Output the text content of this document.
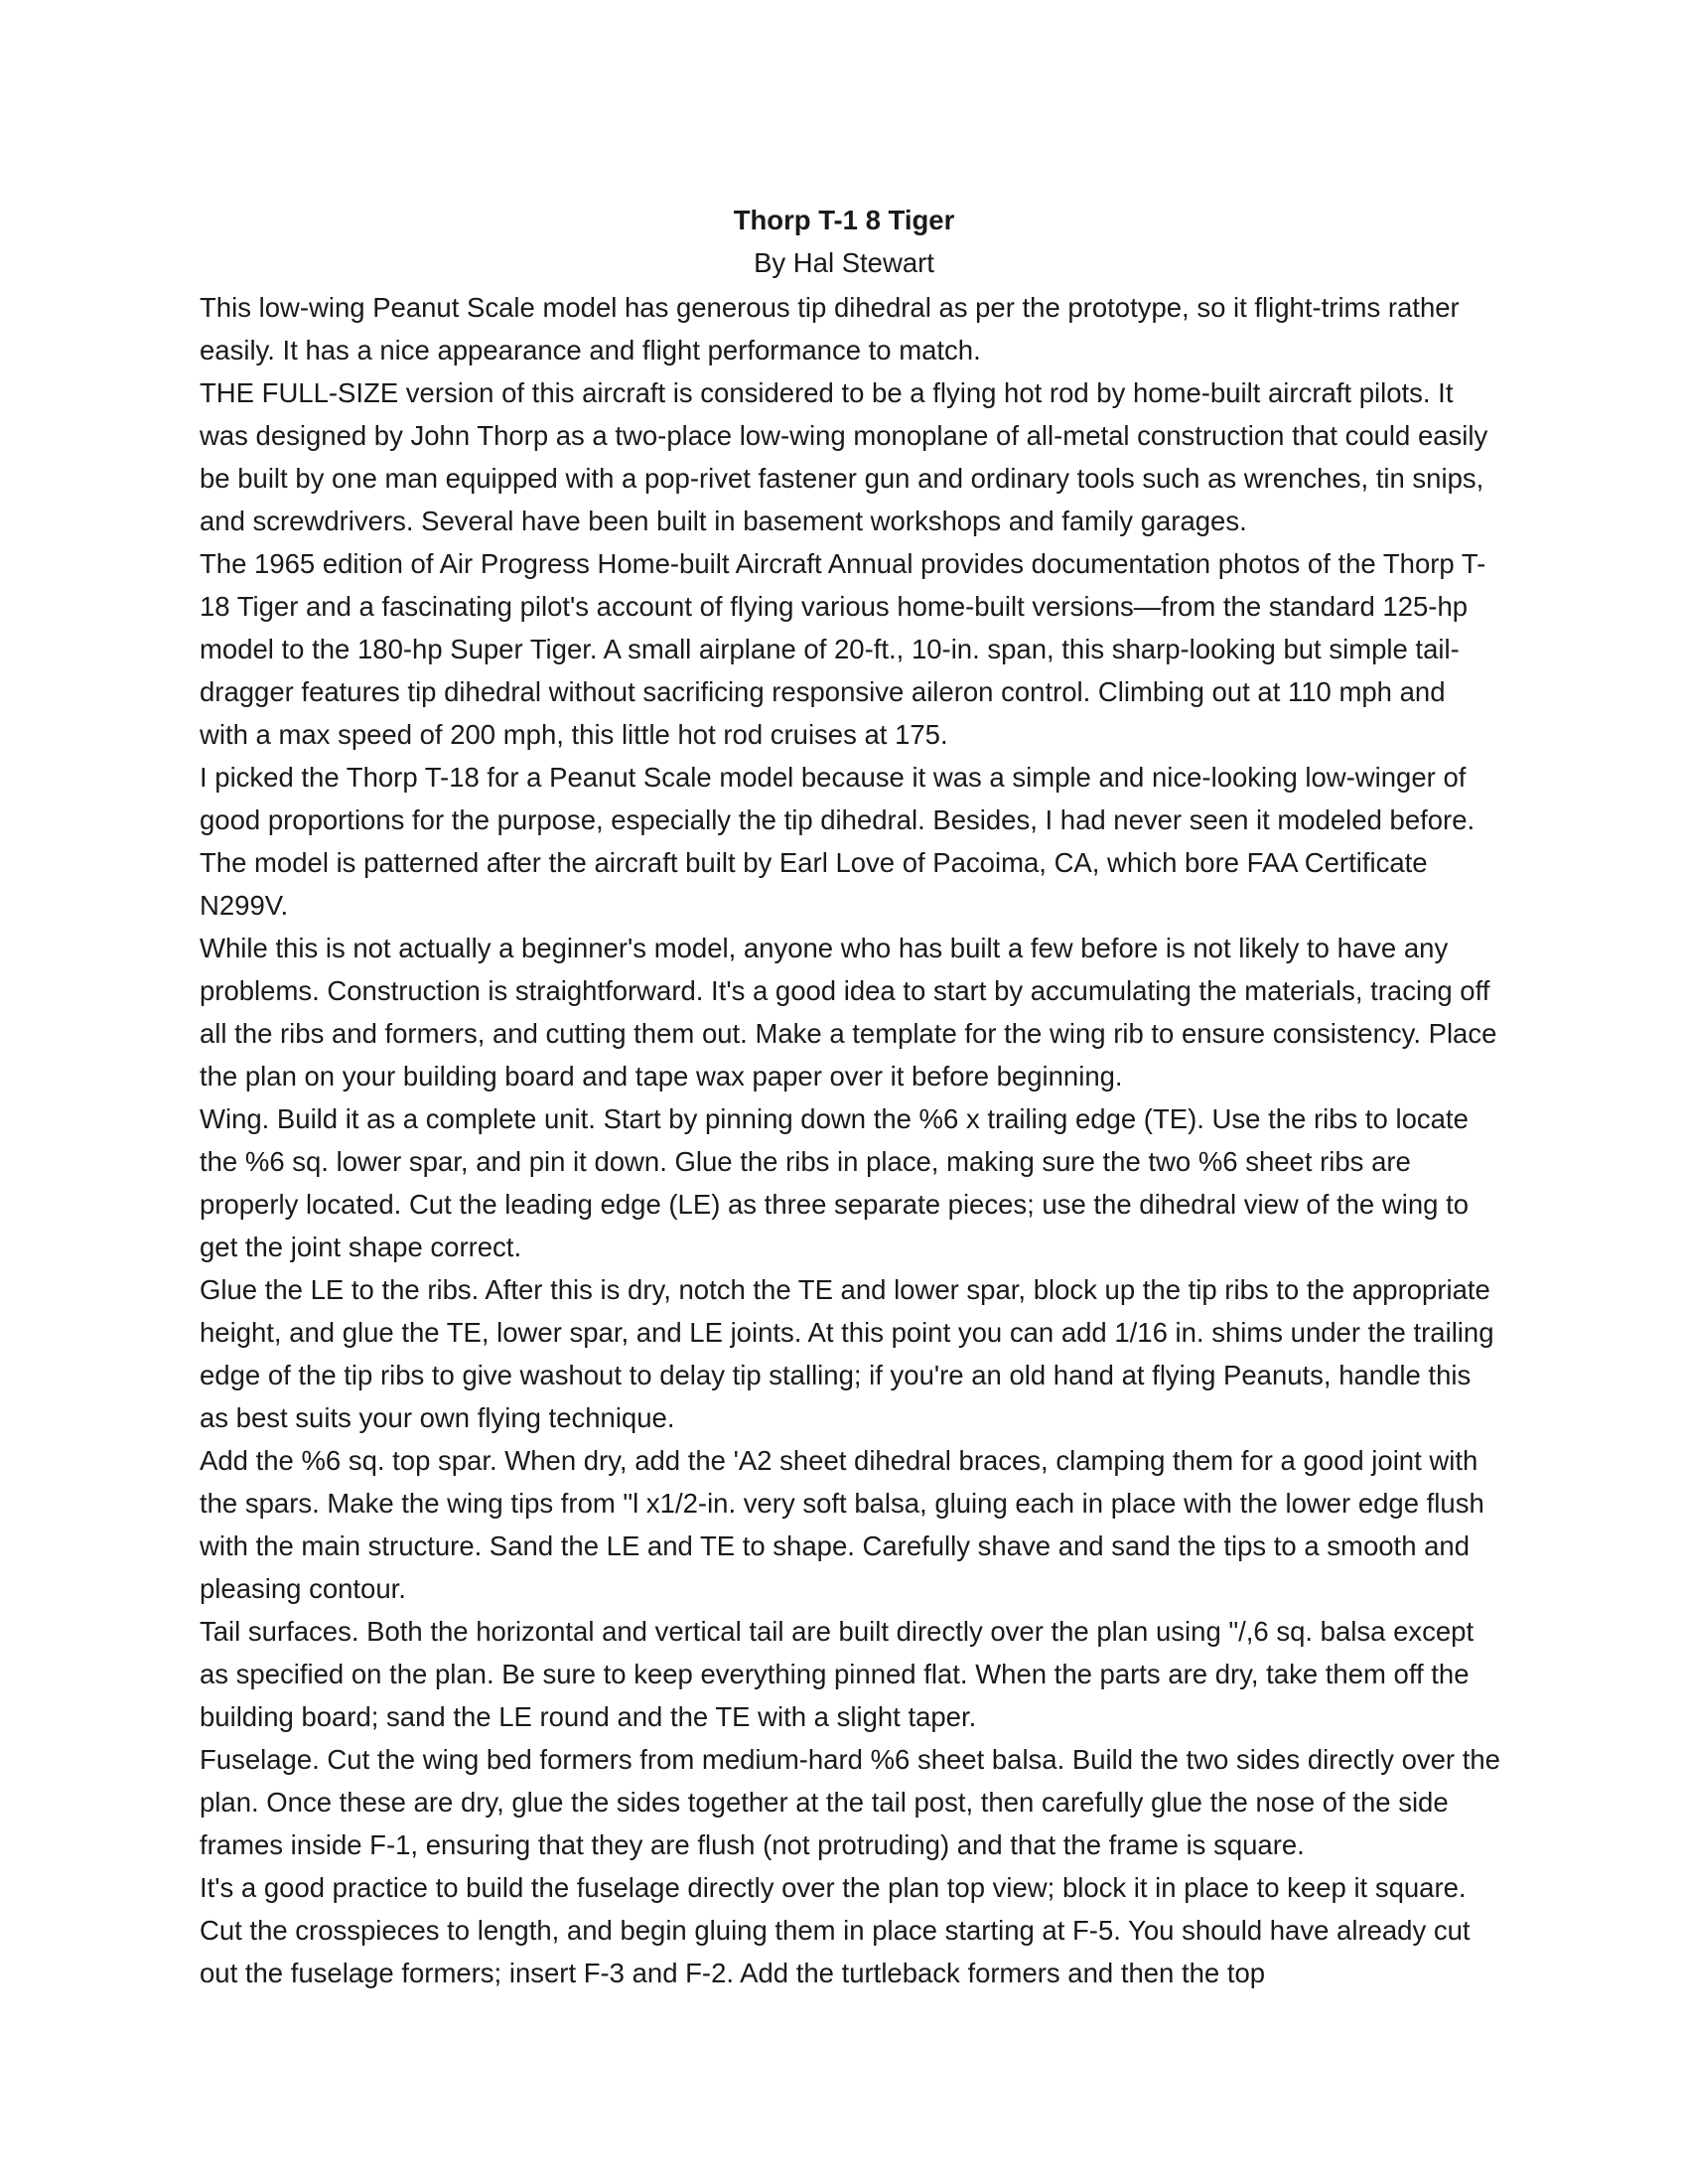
Thorp T-1 8 Tiger
By Hal Stewart

This low-wing Peanut Scale model has generous tip dihedral as per the prototype, so it flight-trims rather easily. It has a nice appearance and flight performance to match.

THE FULL-SIZE version of this aircraft is considered to be a flying hot rod by home-built aircraft pilots. It was designed by John Thorp as a two-place low-wing monoplane of all-metal construction that could easily be built by one man equipped with a pop-rivet fastener gun and ordinary tools such as wrenches, tin snips, and screwdrivers. Several have been built in basement workshops and family garages.

The 1965 edition of Air Progress Home-built Aircraft Annual provides documentation photos of the Thorp T-18 Tiger and a fascinating pilot's account of flying various home-built versions—from the standard 125-hp model to the 180-hp Super Tiger. A small airplane of 20-ft., 10-in. span, this sharp-looking but simple tail-dragger features tip dihedral without sacrificing responsive aileron control. Climbing out at 110 mph and with a max speed of 200 mph, this little hot rod cruises at 175.

I picked the Thorp T-18 for a Peanut Scale model because it was a simple and nice-looking low-winger of good proportions for the purpose, especially the tip dihedral. Besides, I had never seen it modeled before. The model is patterned after the aircraft built by Earl Love of Pacoima, CA, which bore FAA Certificate N299V.

While this is not actually a beginner's model, anyone who has built a few before is not likely to have any problems. Construction is straightforward. It's a good idea to start by accumulating the materials, tracing off all the ribs and formers, and cutting them out. Make a template for the wing rib to ensure consistency. Place the plan on your building board and tape wax paper over it before beginning.

Wing. Build it as a complete unit. Start by pinning down the %6 x trailing edge (TE). Use the ribs to locate the %6 sq. lower spar, and pin it down. Glue the ribs in place, making sure the two %6 sheet ribs are properly located. Cut the leading edge (LE) as three separate pieces; use the dihedral view of the wing to get the joint shape correct.

Glue the LE to the ribs. After this is dry, notch the TE and lower spar, block up the tip ribs to the appropriate height, and glue the TE, lower spar, and LE joints. At this point you can add 1/16 in. shims under the trailing edge of the tip ribs to give washout to delay tip stalling; if you're an old hand at flying Peanuts, handle this as best suits your own flying technique.

Add the %6 sq. top spar. When dry, add the 'A2 sheet dihedral braces, clamping them for a good joint with the spars. Make the wing tips from "l x1/2-in. very soft balsa, gluing each in place with the lower edge flush with the main structure. Sand the LE and TE to shape. Carefully shave and sand the tips to a smooth and pleasing contour.

Tail surfaces. Both the horizontal and vertical tail are built directly over the plan using "/,6 sq. balsa except as specified on the plan. Be sure to keep everything pinned flat. When the parts are dry, take them off the building board; sand the LE round and the TE with a slight taper.

Fuselage. Cut the wing bed formers from medium-hard %6 sheet balsa. Build the two sides directly over the plan. Once these are dry, glue the sides together at the tail post, then carefully glue the nose of the side frames inside F-1, ensuring that they are flush (not protruding) and that the frame is square.

It's a good practice to build the fuselage directly over the plan top view; block it in place to keep it square. Cut the crosspieces to length, and begin gluing them in place starting at F-5. You should have already cut out the fuselage formers; insert F-3 and F-2. Add the turtleback formers and then the top
